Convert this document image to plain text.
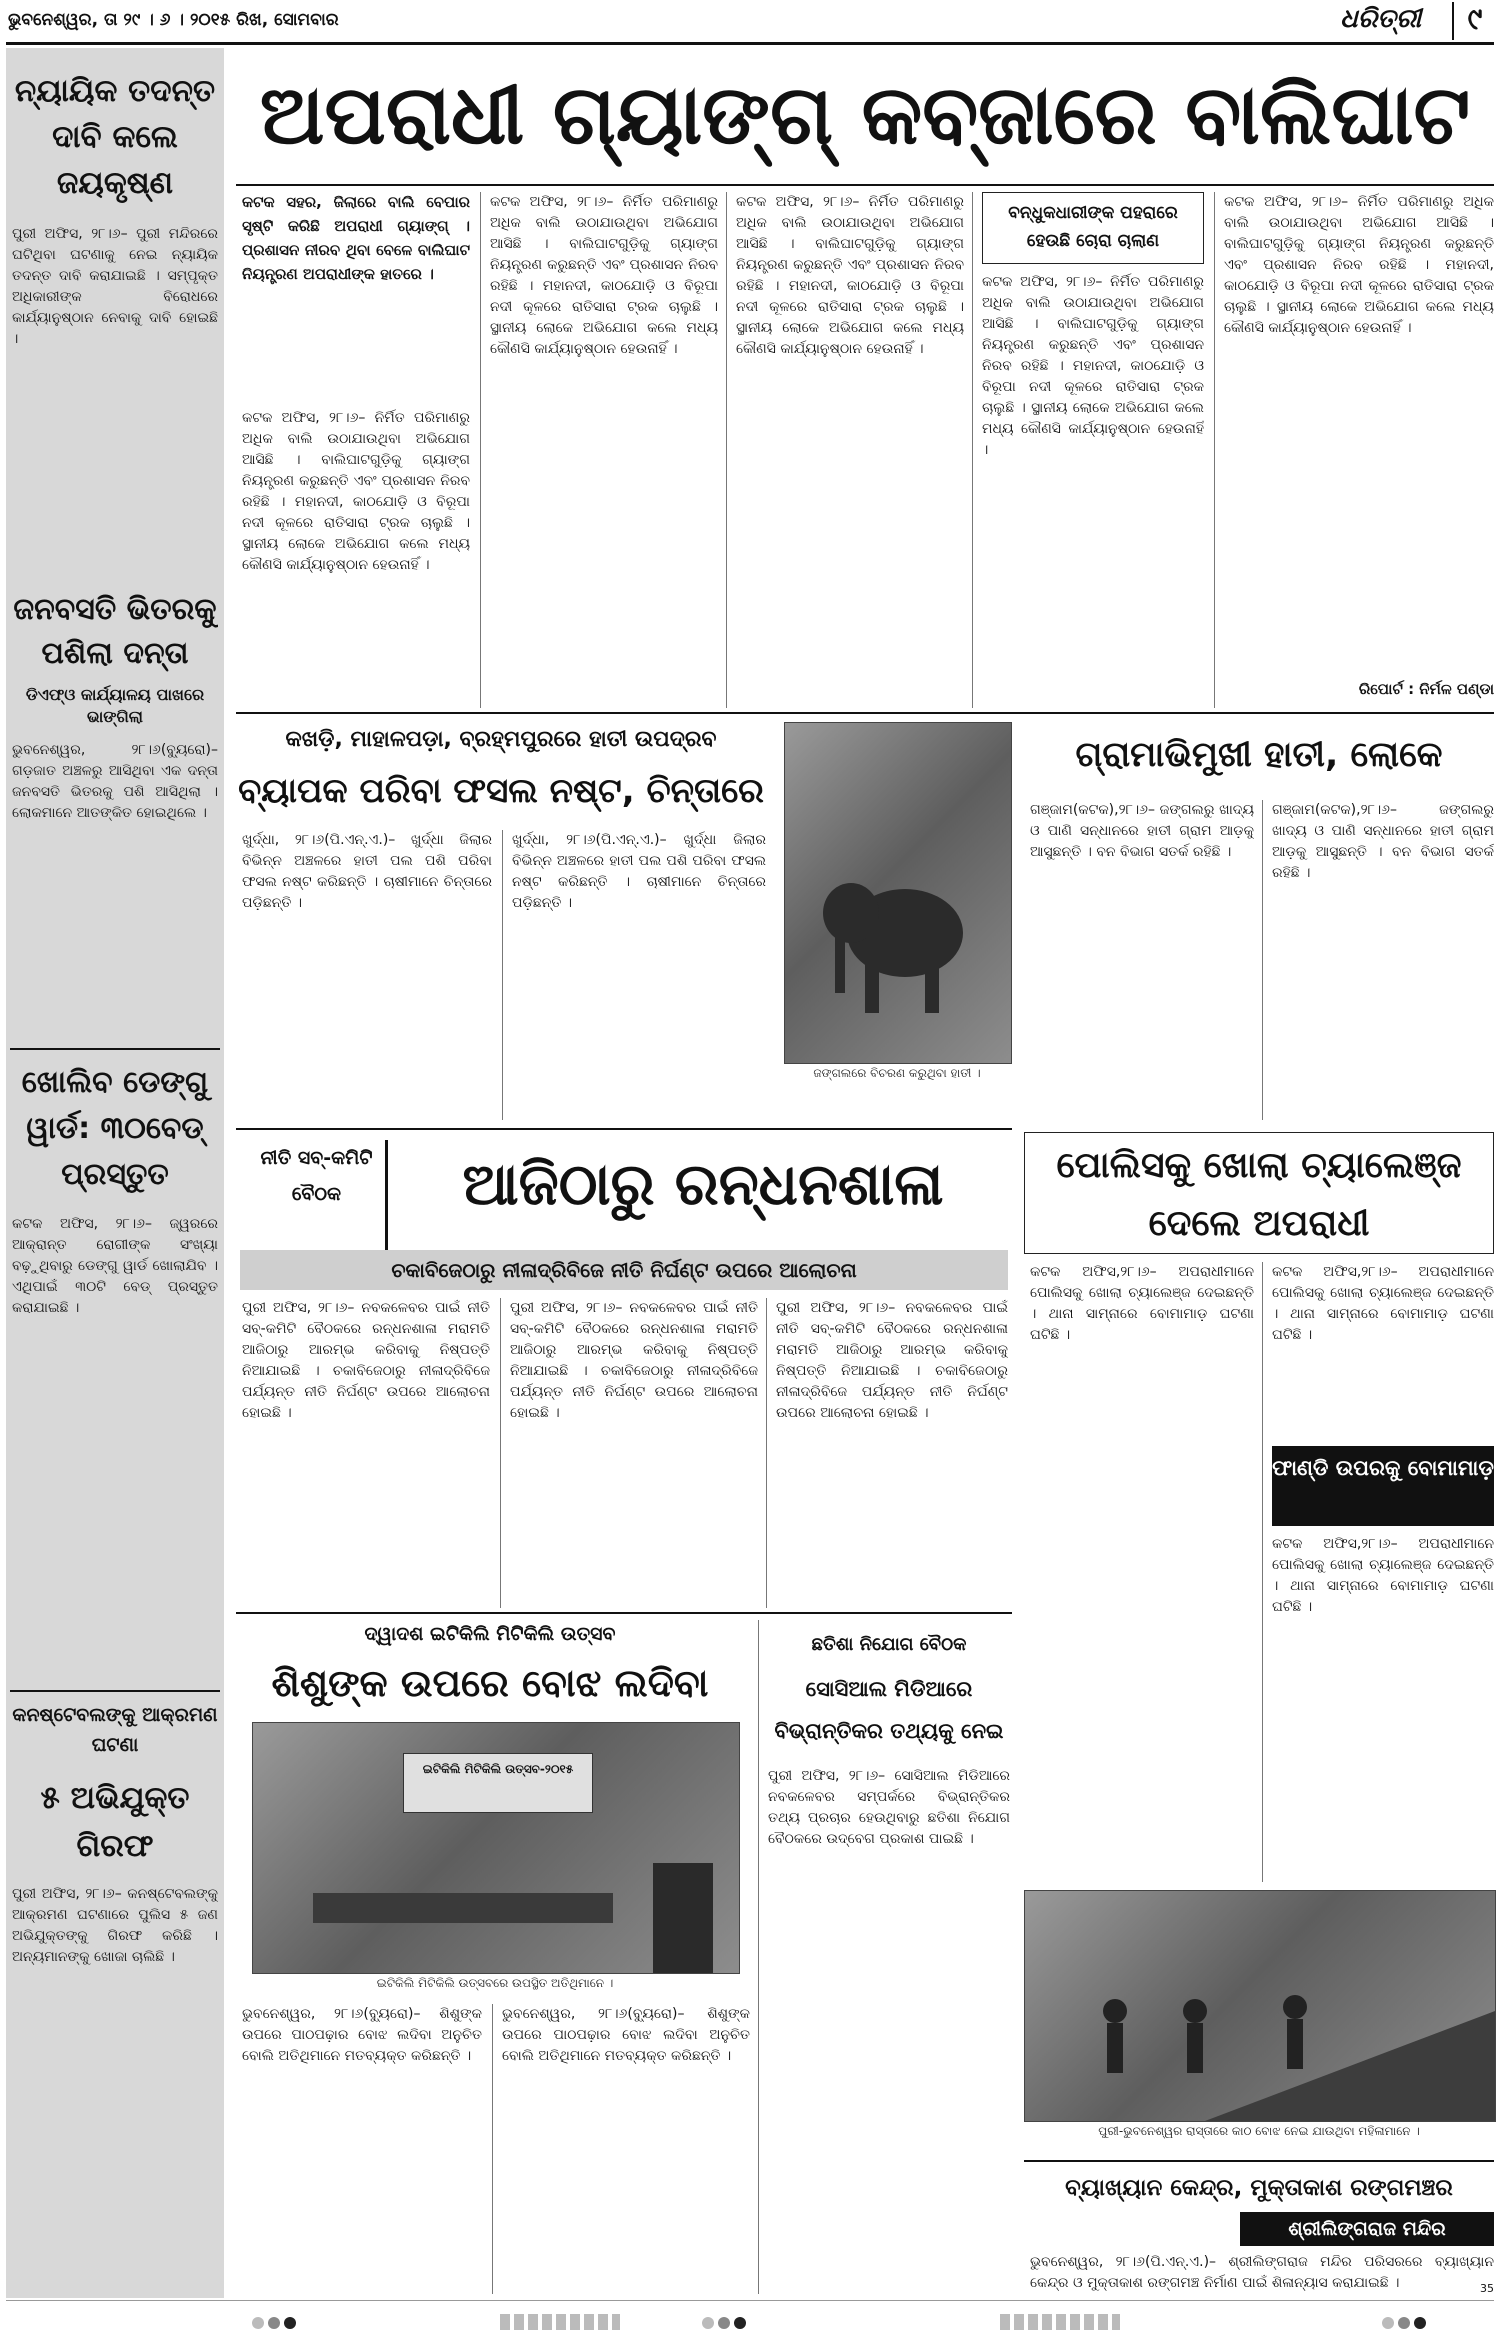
ଭୁବନେଶ୍ୱର, ତା ୨୯ । ୬ । ୨୦୧୫ ରିଖ, ସୋମବାର	ଧରିତ୍ରୀ	୯
ନ୍ୟାୟିକ ତଦନ୍ତ ଦାବି କଲେ ଜୟକୃଷ୍ଣ
ପୁରୀ ଅଫିସ, ୨୮।୬– ପୁରୀ ମନ୍ଦିରରେ ଘଟିଥିବା ଘଟଣାକୁ ନେଇ ନ୍ୟାୟିକ ତଦନ୍ତ ଦାବି କରାଯାଇଛି । ସମ୍ପୃକ୍ତ ଅଧିକାରୀଙ୍କ ବିରୋଧରେ କାର୍ଯ୍ୟାନୁଷ୍ଠାନ ନେବାକୁ ଦାବି ହୋଇଛି ।
ଜନବସତି ଭିତରକୁ ପଶିଲା ଦନ୍ତା
ଡିଏଫ୍‌ଓ କାର୍ଯ୍ୟାଳୟ ପାଖରେ ଭାଙ୍ଗିଲା
ଭୁବନେଶ୍ୱର, ୨୮।୬(ବ୍ୟୁରୋ)– ଗଡ଼ଜାତ ଅଞ୍ଚଳରୁ ଆସିଥିବା ଏକ ଦନ୍ତା ଜନବସତି ଭିତରକୁ ପଶି ଆସିଥିଲା । ଲୋକମାନେ ଆତଙ୍କିତ ହୋଇଥିଲେ ।
ଖୋଲିବ ଡେଙ୍ଗୁ ୱାର୍ଡ: ୩୦ବେଡ୍ ପ୍ରସ୍ତୁତ
କଟକ ଅଫିସ, ୨୮।୬– ଜ୍ୱରରେ ଆକ୍ରାନ୍ତ ରୋଗୀଙ୍କ ସଂଖ୍ୟା ବଢ଼ୁଥିବାରୁ ଡେଙ୍ଗୁ ୱାର୍ଡ ଖୋଲାଯିବ । ଏଥିପାଇଁ ୩୦ଟି ବେଡ୍ ପ୍ରସ୍ତୁତ କରାଯାଇଛି ।
କନଷ୍ଟେବଲଙ୍କୁ ଆକ୍ରମଣ ଘଟଣା
୫ ଅଭିଯୁକ୍ତ ଗିରଫ
ପୁରୀ ଅଫିସ, ୨୮।୬– କନଷ୍ଟେବଲଙ୍କୁ ଆକ୍ରମଣ ଘଟଣାରେ ପୁଲିସ ୫ ଜଣ ଅଭିଯୁକ୍ତଙ୍କୁ ଗିରଫ କରିଛି । ଅନ୍ୟମାନଙ୍କୁ ଖୋଜା ଚାଲିଛି ।
ଅପରାଧୀ ଗ୍ୟାଙ୍ଗ୍ କବ୍‌ଜାରେ ବାଲିଘାଟ
କଟକ ସହର, ଜିଲାରେ ବାଲି ବେପାର ସୃଷ୍ଟି କରିଛି ଅପରାଧୀ ଗ୍ୟାଙ୍ଗ୍ । ପ୍ରଶାସନ ନୀରବ ଥିବା ବେଳେ ବାଲିଘାଟ ନିୟନ୍ତ୍ରଣ ଅପରାଧୀଙ୍କ ହାତରେ ।
କଟକ ଅଫିସ, ୨୮।୬– ନିର୍ମିତ ପରିମାଣରୁ ଅଧିକ ବାଲି ଉଠାଯାଉଥିବା ଅଭିଯୋଗ ଆସିଛି । ବାଲିଘାଟଗୁଡ଼ିକୁ ଗ୍ୟାଙ୍ଗ ନିୟନ୍ତ୍ରଣ କରୁଛନ୍ତି ଏବଂ ପ୍ରଶାସନ ନିରବ ରହିଛି । ମହାନଦୀ, କାଠଯୋଡ଼ି ଓ ବିରୂପା ନଦୀ କୂଳରେ ରାତିସାରା ଟ୍ରକ ଚାଲୁଛି । ସ୍ଥାନୀୟ ଲୋକେ ଅଭିଯୋଗ କଲେ ମଧ୍ୟ କୌଣସି କାର୍ଯ୍ୟାନୁଷ୍ଠାନ ହେଉନାହିଁ ।
କଟକ ଅଫିସ, ୨୮।୬– ନିର୍ମିତ ପରିମାଣରୁ ଅଧିକ ବାଲି ଉଠାଯାଉଥିବା ଅଭିଯୋଗ ଆସିଛି । ବାଲିଘାଟଗୁଡ଼ିକୁ ଗ୍ୟାଙ୍ଗ ନିୟନ୍ତ୍ରଣ କରୁଛନ୍ତି ଏବଂ ପ୍ରଶାସନ ନିରବ ରହିଛି । ମହାନଦୀ, କାଠଯୋଡ଼ି ଓ ବିରୂପା ନଦୀ କୂଳରେ ରାତିସାରା ଟ୍ରକ ଚାଲୁଛି । ସ୍ଥାନୀୟ ଲୋକେ ଅଭିଯୋଗ କଲେ ମଧ୍ୟ କୌଣସି କାର୍ଯ୍ୟାନୁଷ୍ଠାନ ହେଉନାହିଁ ।
କଟକ ଅଫିସ, ୨୮।୬– ନିର୍ମିତ ପରିମାଣରୁ ଅଧିକ ବାଲି ଉଠାଯାଉଥିବା ଅଭିଯୋଗ ଆସିଛି । ବାଲିଘାଟଗୁଡ଼ିକୁ ଗ୍ୟାଙ୍ଗ ନିୟନ୍ତ୍ରଣ କରୁଛନ୍ତି ଏବଂ ପ୍ରଶାସନ ନିରବ ରହିଛି । ମହାନଦୀ, କାଠଯୋଡ଼ି ଓ ବିରୂପା ନଦୀ କୂଳରେ ରାତିସାରା ଟ୍ରକ ଚାଲୁଛି । ସ୍ଥାନୀୟ ଲୋକେ ଅଭିଯୋଗ କଲେ ମଧ୍ୟ କୌଣସି କାର୍ଯ୍ୟାନୁଷ୍ଠାନ ହେଉନାହିଁ ।
ବନ୍ଧୁକଧାରୀଙ୍କ ପହରାରେ ହେଉଛି ଚୋରା ଚାଲାଣ
କଟକ ଅଫିସ, ୨୮।୬– ନିର୍ମିତ ପରିମାଣରୁ ଅଧିକ ବାଲି ଉଠାଯାଉଥିବା ଅଭିଯୋଗ ଆସିଛି । ବାଲିଘାଟଗୁଡ଼ିକୁ ଗ୍ୟାଙ୍ଗ ନିୟନ୍ତ୍ରଣ କରୁଛନ୍ତି ଏବଂ ପ୍ରଶାସନ ନିରବ ରହିଛି । ମହାନଦୀ, କାଠଯୋଡ଼ି ଓ ବିରୂପା ନଦୀ କୂଳରେ ରାତିସାରା ଟ୍ରକ ଚାଲୁଛି । ସ୍ଥାନୀୟ ଲୋକେ ଅଭିଯୋଗ କଲେ ମଧ୍ୟ କୌଣସି କାର୍ଯ୍ୟାନୁଷ୍ଠାନ ହେଉନାହିଁ ।
କଟକ ଅଫିସ, ୨୮।୬– ନିର୍ମିତ ପରିମାଣରୁ ଅଧିକ ବାଲି ଉଠାଯାଉଥିବା ଅଭିଯୋଗ ଆସିଛି । ବାଲିଘାଟଗୁଡ଼ିକୁ ଗ୍ୟାଙ୍ଗ ନିୟନ୍ତ୍ରଣ କରୁଛନ୍ତି ଏବଂ ପ୍ରଶାସନ ନିରବ ରହିଛି । ମହାନଦୀ, କାଠଯୋଡ଼ି ଓ ବିରୂପା ନଦୀ କୂଳରେ ରାତିସାରା ଟ୍ରକ ଚାଲୁଛି । ସ୍ଥାନୀୟ ଲୋକେ ଅଭିଯୋଗ କଲେ ମଧ୍ୟ କୌଣସି କାର୍ଯ୍ୟାନୁଷ୍ଠାନ ହେଉନାହିଁ ।
ରିପୋର୍ଟ : ନିର୍ମଳ ପଣ୍ଡା
କଖଡ଼ି, ମାହାଳପଡ଼ା, ବ୍ରହ୍ମପୁରରେ ହାତୀ ଉପଦ୍ରବ
ବ୍ୟାପକ ପରିବା ଫସଲ ନଷ୍ଟ, ଚିନ୍ତାରେ
ଖୁର୍ଦ୍ଧା, ୨୮।୬(ପି.ଏନ୍.ଏ.)– ଖୁର୍ଦ୍ଧା ଜିଲାର ବିଭିନ୍ନ ଅଞ୍ଚଳରେ ହାତୀ ପଲ ପଶି ପରିବା ଫସଲ ନଷ୍ଟ କରିଛନ୍ତି । ଚାଷୀମାନେ ଚିନ୍ତାରେ ପଡ଼ିଛନ୍ତି ।
ଖୁର୍ଦ୍ଧା, ୨୮।୬(ପି.ଏନ୍.ଏ.)– ଖୁର୍ଦ୍ଧା ଜିଲାର ବିଭିନ୍ନ ଅଞ୍ଚଳରେ ହାତୀ ପଲ ପଶି ପରିବା ଫସଲ ନଷ୍ଟ କରିଛନ୍ତି । ଚାଷୀମାନେ ଚିନ୍ତାରେ ପଡ଼ିଛନ୍ତି ।
ଜଙ୍ଗଲରେ ବିଚରଣ କରୁଥିବା ହାତୀ ।
ଗ୍ରାମାଭିମୁଖୀ ହାତୀ, ଲୋକେ
ଗଞ୍ଜାମ(କଟକ),୨୮।୬– ଜଙ୍ଗଲରୁ ଖାଦ୍ୟ ଓ ପାଣି ସନ୍ଧାନରେ ହାତୀ ଗ୍ରାମ ଆଡ଼କୁ ଆସୁଛନ୍ତି । ବନ ବିଭାଗ ସତର୍କ ରହିଛି ।
ଗଞ୍ଜାମ(କଟକ),୨୮।୬– ଜଙ୍ଗଲରୁ ଖାଦ୍ୟ ଓ ପାଣି ସନ୍ଧାନରେ ହାତୀ ଗ୍ରାମ ଆଡ଼କୁ ଆସୁଛନ୍ତି । ବନ ବିଭାଗ ସତର୍କ ରହିଛି ।
ନୀତି ସବ୍-କମିଟି ବୈଠକ	ଆଜିଠାରୁ ରନ୍ଧନଶାଳା
ଚକାବିଜେଠାରୁ ନୀଳାଦ୍ରିବିଜେ ନୀତି ନିର୍ଘଣ୍ଟ ଉପରେ ଆଲୋଚନା
ପୁରୀ ଅଫିସ, ୨୮।୬– ନବକଳେବର ପାଇଁ ନୀତି ସବ୍-କମିଟି ବୈଠକରେ ରନ୍ଧନଶାଳା ମରାମତି ଆଜିଠାରୁ ଆରମ୍ଭ କରିବାକୁ ନିଷ୍ପତ୍ତି ନିଆଯାଇଛି । ଚକାବିଜେଠାରୁ ନୀଳାଦ୍ରିବିଜେ ପର୍ଯ୍ୟନ୍ତ ନୀତି ନିର୍ଘଣ୍ଟ ଉପରେ ଆଲୋଚନା ହୋଇଛି ।
ପୁରୀ ଅଫିସ, ୨୮।୬– ନବକଳେବର ପାଇଁ ନୀତି ସବ୍-କମିଟି ବୈଠକରେ ରନ୍ଧନଶାଳା ମରାମତି ଆଜିଠାରୁ ଆରମ୍ଭ କରିବାକୁ ନିଷ୍ପତ୍ତି ନିଆଯାଇଛି । ଚକାବିଜେଠାରୁ ନୀଳାଦ୍ରିବିଜେ ପର୍ଯ୍ୟନ୍ତ ନୀତି ନିର୍ଘଣ୍ଟ ଉପରେ ଆଲୋଚନା ହୋଇଛି ।
ପୁରୀ ଅଫିସ, ୨୮।୬– ନବକଳେବର ପାଇଁ ନୀତି ସବ୍-କମିଟି ବୈଠକରେ ରନ୍ଧନଶାଳା ମରାମତି ଆଜିଠାରୁ ଆରମ୍ଭ କରିବାକୁ ନିଷ୍ପତ୍ତି ନିଆଯାଇଛି । ଚକାବିଜେଠାରୁ ନୀଳାଦ୍ରିବିଜେ ପର୍ଯ୍ୟନ୍ତ ନୀତି ନିର୍ଘଣ୍ଟ ଉପରେ ଆଲୋଚନା ହୋଇଛି ।
ପୋଲିସକୁ ଖୋଲା ଚ୍ୟାଲେଞ୍ଜ ଦେଲେ ଅପରାଧୀ
କଟକ ଅଫିସ,୨୮।୬– ଅପରାଧୀମାନେ ପୋଲିସକୁ ଖୋଲା ଚ୍ୟାଲେଞ୍ଜ ଦେଇଛନ୍ତି । ଥାନା ସାମ୍ନାରେ ବୋମାମାଡ଼ ଘଟଣା ଘଟିଛି ।
କଟକ ଅଫିସ,୨୮।୬– ଅପରାଧୀମାନେ ପୋଲିସକୁ ଖୋଲା ଚ୍ୟାଲେଞ୍ଜ ଦେଇଛନ୍ତି । ଥାନା ସାମ୍ନାରେ ବୋମାମାଡ଼ ଘଟଣା ଘଟିଛି ।
ଫାଣ୍ଡି ଉପରକୁ ବୋମାମାଡ଼
କଟକ ଅଫିସ,୨୮।୬– ଅପରାଧୀମାନେ ପୋଲିସକୁ ଖୋଲା ଚ୍ୟାଲେଞ୍ଜ ଦେଇଛନ୍ତି । ଥାନା ସାମ୍ନାରେ ବୋମାମାଡ଼ ଘଟଣା ଘଟିଛି ।
ପୁରୀ-ଭୁବନେଶ୍ୱର ରାସ୍ତାରେ କାଠ ବୋଝ ନେଇ ଯାଉଥିବା ମହିଳାମାନେ ।
ଦ୍ୱାଦଶ ଇଟିକିଲି ମିଟିକିଲି ଉତ୍ସବ
ଶିଶୁଙ୍କ ଉପରେ ବୋଝ ଲଦିବା
ଇଟିକିଲି ମିଟିକିଲି ଉତ୍ସବ-୨୦୧୫
ଇଟିକିଲି ମିଟିକିଲି ଉତ୍ସବରେ ଉପସ୍ଥିତ ଅତିଥିମାନେ ।
ଭୁବନେଶ୍ୱର, ୨୮।୬(ବ୍ୟୁରୋ)– ଶିଶୁଙ୍କ ଉପରେ ପାଠପଢ଼ାର ବୋଝ ଲଦିବା ଅନୁଚିତ ବୋଲି ଅତିଥିମାନେ ମତବ୍ୟକ୍ତ କରିଛନ୍ତି ।
ଭୁବନେଶ୍ୱର, ୨୮।୬(ବ୍ୟୁରୋ)– ଶିଶୁଙ୍କ ଉପରେ ପାଠପଢ଼ାର ବୋଝ ଲଦିବା ଅନୁଚିତ ବୋଲି ଅତିଥିମାନେ ମତବ୍ୟକ୍ତ କରିଛନ୍ତି ।
ଛତିଶା ନିଯୋଗ ବୈଠକ
ସୋସିଆଲ ମିଡିଆରେ ବିଭ୍ରାନ୍ତିକର ତଥ୍ୟକୁ ନେଇ
ପୁରୀ ଅଫିସ, ୨୮।୬– ସୋସିଆଲ ମିଡିଆରେ ନବକଳେବର ସମ୍ପର୍କରେ ବିଭ୍ରାନ୍ତିକର ତଥ୍ୟ ପ୍ରଚାର ହେଉଥିବାରୁ ଛତିଶା ନିଯୋଗ ବୈଠକରେ ଉଦ୍‌ବେଗ ପ୍ରକାଶ ପାଇଛି ।
ବ୍ୟାଖ୍ୟାନ କେନ୍ଦ୍ର, ମୁକ୍ତାକାଶ ରଙ୍ଗମଞ୍ଚର
ଶ୍ରୀଲିଙ୍ଗରାଜ ମନ୍ଦିର
ଭୁବନେଶ୍ୱର, ୨୮।୬(ପି.ଏନ୍.ଏ.)– ଶ୍ରୀଲିଙ୍ଗରାଜ ମନ୍ଦିର ପରିସରରେ ବ୍ୟାଖ୍ୟାନ କେନ୍ଦ୍ର ଓ ମୁକ୍ତାକାଶ ରଙ୍ଗମଞ୍ଚ ନିର୍ମାଣ ପାଇଁ ଶିଳାନ୍ୟାସ କରାଯାଇଛି ।	35
